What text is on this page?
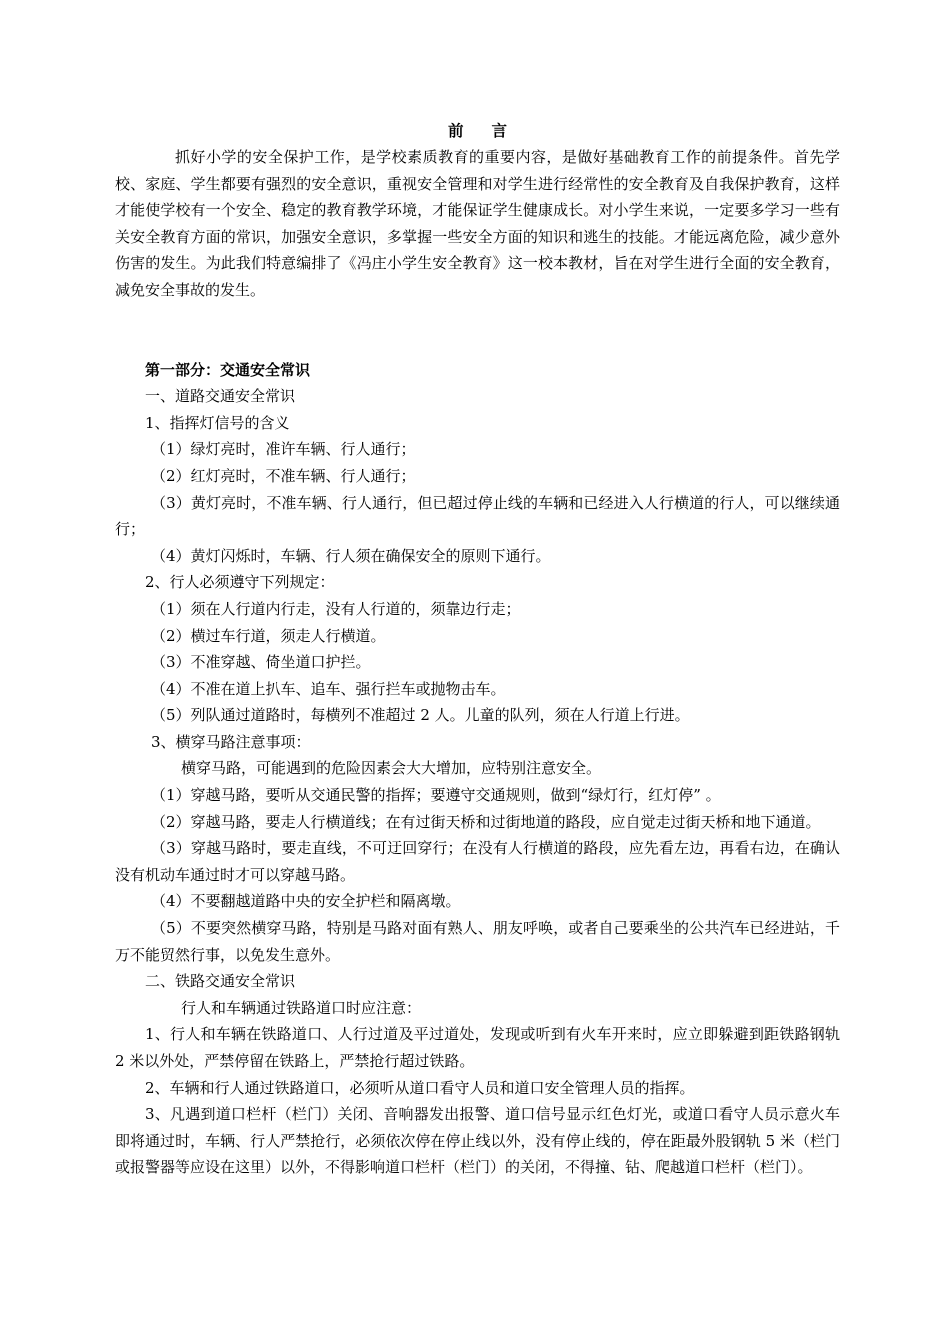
前 言

抓好小学的安全保护工作，是学校素质教育的重要内容，是做好基础教育工作的前提条件。首先学校、家庭、学生都要有强烈的安全意识，重视安全管理和对学生进行经常性的安全教育及自我保护教育，这样才能使学校有一个安全、稳定的教育教学环境，才能保证学生健康成长。对小学生来说，一定要多学习一些有关安全教育方面的常识，加强安全意识，多掌握一些安全方面的知识和逃生的技能。才能远离危险，减少意外伤害的发生。为此我们特意编排了《冯庄小学生安全教育》这一校本教材，旨在对学生进行全面的安全教育，减免安全事故的发生。

第一部分：交通安全常识

一、道路交通安全常识

1、指挥灯信号的含义

（1）绿灯亮时，准许车辆、行人通行；

（2）红灯亮时，不准车辆、行人通行；

（3）黄灯亮时，不准车辆、行人通行，但已超过停止线的车辆和已经进入人行横道的行人，可以继续通行；

（4）黄灯闪烁时，车辆、行人须在确保安全的原则下通行。

2、行人必须遵守下列规定：

（1）须在人行道内行走，没有人行道的，须靠边行走；

（2）横过车行道，须走人行横道。

（3）不准穿越、倚坐道口护拦。

（4）不准在道上扒车、追车、强行拦车或抛物击车。

（5）列队通过道路时，每横列不准超过 2 人。儿童的队列，须在人行道上行进。

3、横穿马路注意事项：

横穿马路，可能遇到的危险因素会大大增加，应特别注意安全。

（1）穿越马路，要听从交通民警的指挥；要遵守交通规则，做到“绿灯行，红灯停” 。

（2）穿越马路，要走人行横道线；在有过街天桥和过街地道的路段，应自觉走过街天桥和地下通道。

（3）穿越马路时，要走直线，不可迂回穿行；在没有人行横道的路段，应先看左边，再看右边，在确认没有机动车通过时才可以穿越马路。

（4）不要翻越道路中央的安全护栏和隔离墩。

（5）不要突然横穿马路，特别是马路对面有熟人、朋友呼唤，或者自己要乘坐的公共汽车已经进站，千万不能贸然行事，以免发生意外。

二、铁路交通安全常识

行人和车辆通过铁路道口时应注意：

1、行人和车辆在铁路道口、人行过道及平过道处，发现或听到有火车开来时，应立即躲避到距铁路钢轨 2 米以外处，严禁停留在铁路上，严禁抢行超过铁路。

2、车辆和行人通过铁路道口，必须听从道口看守人员和道口安全管理人员的指挥。

3、凡遇到道口栏杆（栏门）关闭、音响器发出报警、道口信号显示红色灯光，或道口看守人员示意火车即将通过时，车辆、行人严禁抢行，必须依次停在停止线以外，没有停止线的，停在距最外股钢轨 5 米（栏门或报警器等应设在这里）以外，不得影响道口栏杆（栏门）的关闭，不得撞、钻、爬越道口栏杆（栏门）。
